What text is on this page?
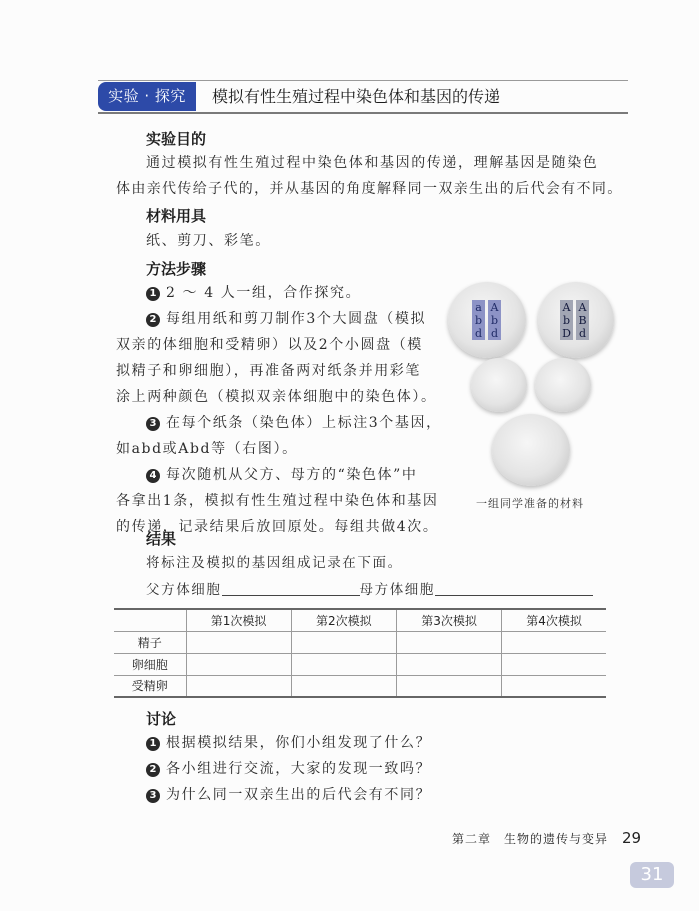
实验 · 探究	模拟有性生殖过程中染色体和基因的传递
实验目的
通过模拟有性生殖过程中染色体和基因的传递，理解基因是随染色
体由亲代传给子代的，并从基因的角度解释同一双亲生出的后代会有不同。
材料用具
纸、剪刀、彩笔。
方法步骤
1 2 ～ 4 人一组，合作探究。
2 每组用纸和剪刀制作3个大圆盘（模拟
双亲的体细胞和受精卵）以及2个小圆盘（模
拟精子和卵细胞），再准备两对纸条并用彩笔
涂上两种颜色（模拟双亲体细胞中的染色体）。
3 在每个纸条（染色体）上标注3个基因，
如abd或Abd等（右图）。
4 每次随机从父方、母方的“染色体”中
各拿出1条，模拟有性生殖过程中染色体和基因
的传递，记录结果后放回原处。每组共做4次。
a
b
d
A
b
d
A
b
D
A
B
d
一组同学准备的材料
结果
将标注及模拟的基因组成记录在下面。
父方体细胞	母方体细胞
	第1次模拟	第2次模拟	第3次模拟	第4次模拟
精子				
卵细胞				
受精卵				
讨论
1 根据模拟结果，你们小组发现了什么？
2 各小组进行交流，大家的发现一致吗？
3 为什么同一双亲生出的后代会有不同？
第二章　生物的遗传与变异 29
31
